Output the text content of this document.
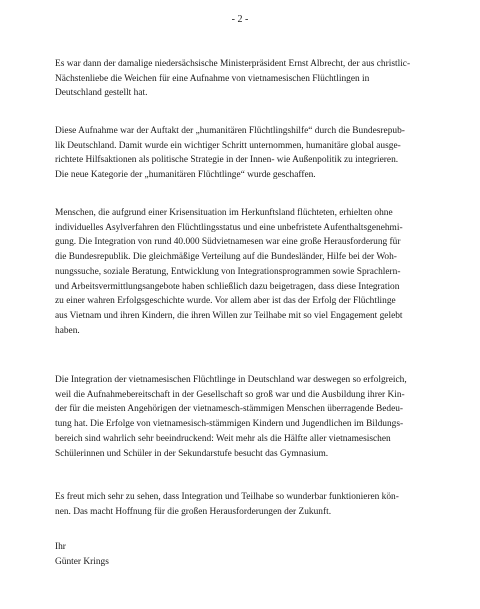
- 2 -

Es war dann der damalige niedersächsische Ministerpräsident Ernst Albrecht, der aus christlic-
Nächstenliebe die Weichen für eine Aufnahme von vietnamesischen Flüchtlingen in
Deutschland gestellt hat.

Diese Aufnahme war der Auftakt der „humanitären Flüchtlingshilfe“ durch die Bundesrepub-
lik Deutschland. Damit wurde ein wichtiger Schritt unternommen, humanitäre global ausge-
richtete Hilfsaktionen als politische Strategie in der Innen- wie Außenpolitik zu integrieren.
Die neue Kategorie der „humanitären Flüchtlinge“ wurde geschaffen.

Menschen, die aufgrund einer Krisensituation im Herkunftsland flüchteten, erhielten ohne
individuelles Asylverfahren den Flüchtlingsstatus und eine unbefristete Aufenthaltsgenehmi-
gung. Die Integration von rund 40.000 Südvietnamesen war eine große Herausforderung für
die Bundesrepublik. Die gleichmäßige Verteilung auf die Bundesländer, Hilfe bei der Woh-
nungssuche, soziale Beratung, Entwicklung von Integrationsprogrammen sowie Sprachlern-
und Arbeitsvermittlungsangebote haben schließlich dazu beigetragen, dass diese Integration
zu einer wahren Erfolgsgeschichte wurde. Vor allem aber ist das der Erfolg der Flüchtlinge
aus Vietnam und ihren Kindern, die ihren Willen zur Teilhabe mit so viel Engagement gelebt
haben.

Die Integration der vietnamesischen Flüchtlinge in Deutschland war deswegen so erfolgreich,
weil die Aufnahmebereitschaft in der Gesellschaft so groß war und die Ausbildung ihrer Kin-
der für die meisten Angehörigen der vietnamesch-stämmigen Menschen überragende Bedeu-
tung hat. Die Erfolge von vietnamesisch-stämmigen Kindern und Jugendlichen im Bildungs-
bereich sind wahrlich sehr beeindruckend: Weit mehr als die Hälfte aller vietnamesischen
Schülerinnen und Schüler in der Sekundarstufe besucht das Gymnasium.

Es freut mich sehr zu sehen, dass Integration und Teilhabe so wunderbar funktionieren kön-
nen. Das macht Hoffnung für die großen Herausforderungen der Zukunft.

Ihr
Günter Krings
